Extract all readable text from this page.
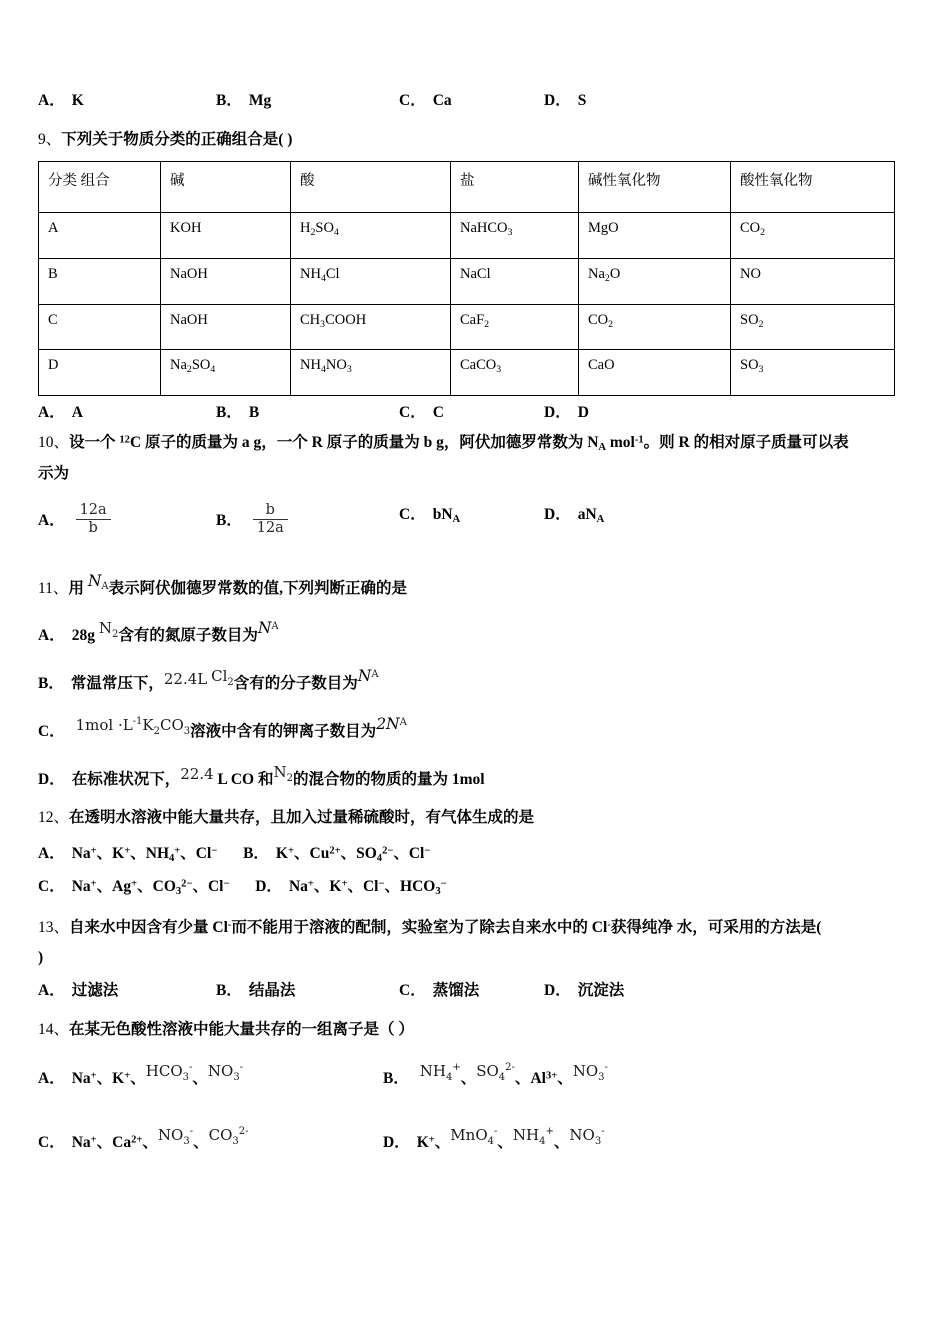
A． K	B． Mg	C． Ca	D． S
9、下列关于物质分类的正确组合是( )
分类 组合	碱	酸	盐	碱性氧化物	酸性氧化物
A	KOH	$H_2SO_4$	NaHCO$_3$	MgO	$CO_2$
B	NaOH	$NH_4Cl$	NaCl	$Na_2O$	NO
C	NaOH	$CH_3COOH$	CaF$_2$	$CO_2$	$SO_2$
D	$Na_2SO_4$	$NH_4NO_3$	CaCO$_3$	CaO	$SO_3$
A． A	B． B	C． C	D． D
10、设一个 $^{12}$C 原子的质量为 a g，一个 R 原子的质量为 b g，阿伏加德罗常数为 $N_A$ mol$^{-1}$。则 R 的相对原子质量可以表
示为
A． $\frac{12a}{b}$	B． $\frac{b}{12a}$	C． $bN_A$	D． $aN_A$
11、用 $N^A$表示阿伏伽德罗常数的值,下列判断正确的是
A． 28g N2含有的氮原子数目为$N^A$
B． 常温常压下，22.4L Cl2含有的分子数目为$N^A$
C． $1mol \cdot L^{-1}K2CO3$溶液中含有的钾离子数目为$2N^A$
D． 在标准状况下，22.4 L CO 和N2的混合物的物质的量为 1mol
12、在透明水溶液中能大量共存，且加入过量稀硫酸时，有气体生成的是
A． Na+、K+、$NH_4^+$、Cl− B． K+、$Cu^{2+}$、$SO_4^{2-}$、Cl−
C． Na+、Ag+、$CO_3^{2-}$、Cl− D． Na+、K+、Cl−、$HCO_3^-$
13、自来水中因含有少量 Cl-而不能用于溶液的配制，实验室为了除去自来水中的 Cl-获得纯净 水，可采用的方法是(
)
A． 过滤法	B． 结晶法	C． 蒸馏法	D． 沉淀法
14、在某无色酸性溶液中能大量共存的一组离子是（ ）
A． Na+、K+、HCO3-、NO3-
B． NH4+、$SO4^{2-}$、$Al^{3+}$、NO3-
C． Na+、$Ca^{2+}$、NO3-、$CO3^{2-}$
D． K+、MnO4-、NH4+、NO3-
